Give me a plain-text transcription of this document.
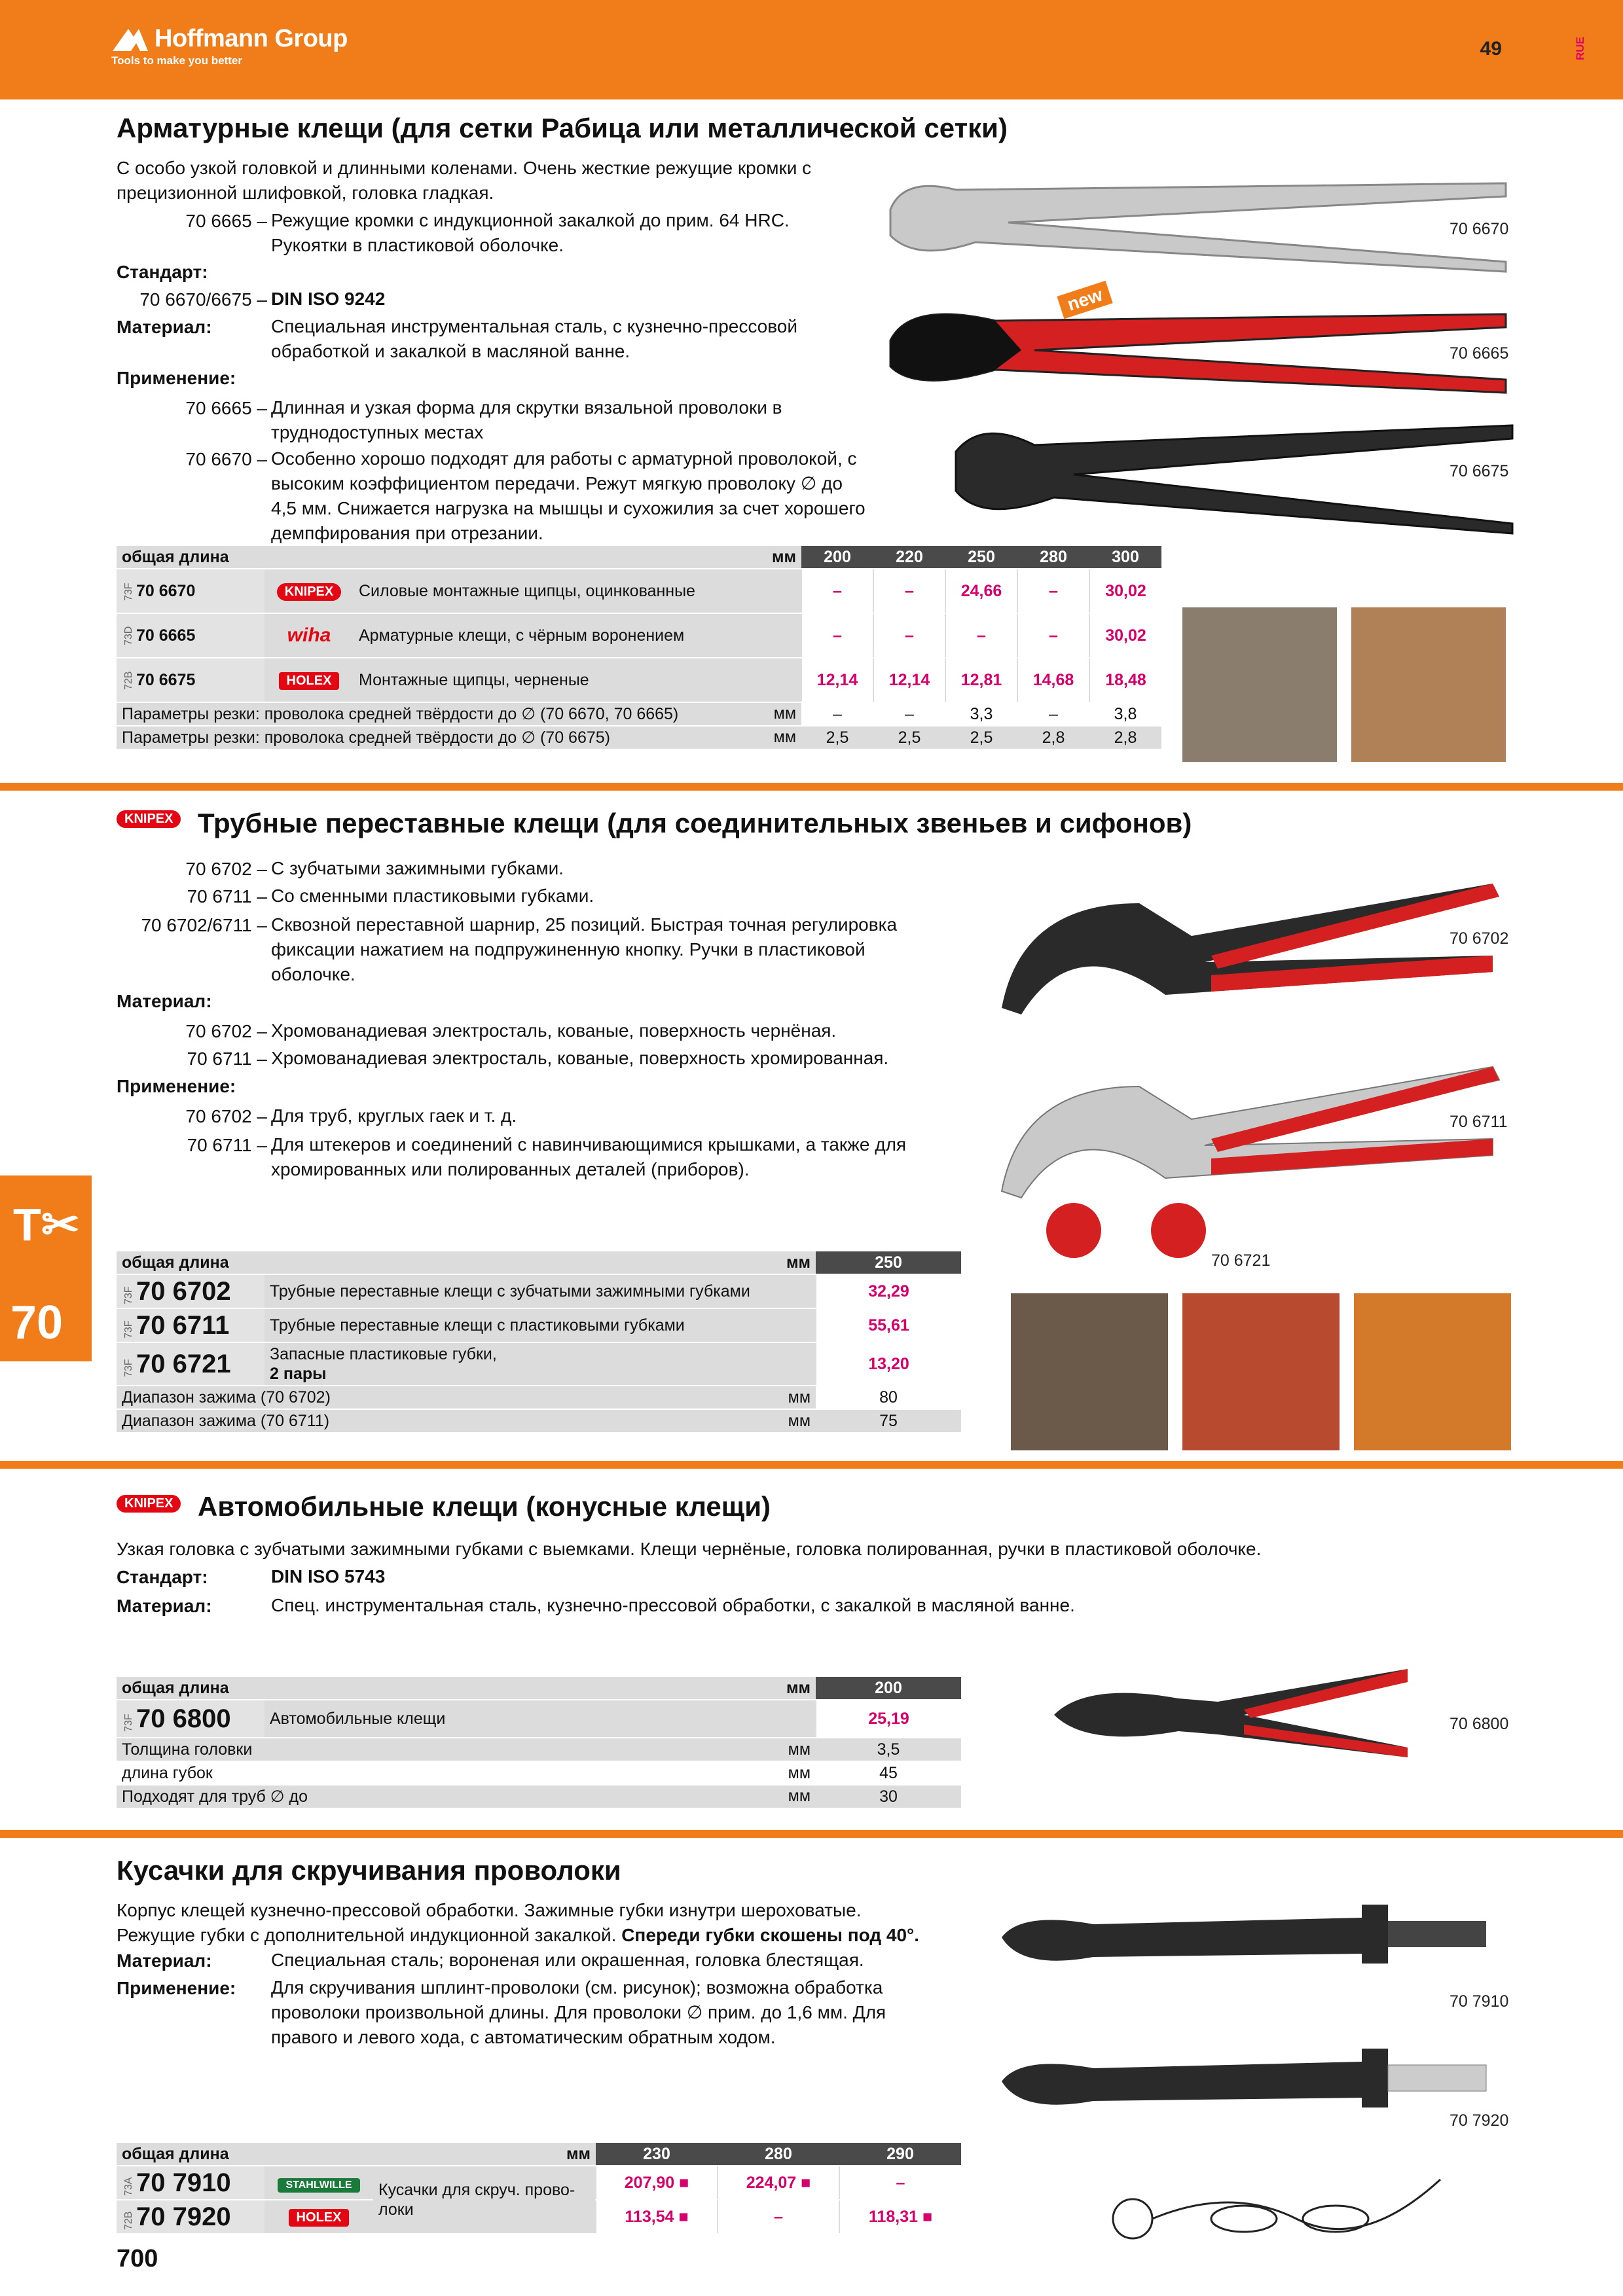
Hoffmann Group
Tools to make you better
49	RUE
T✂
70
Арматурные клещи (для сетки Рабица или металлической сетки)
С особо узкой головкой и длинными коленами. Очень жесткие режущие кромки с
прецизионной шлифовкой, головка гладкая.
70 6665 – Режущие кромки с индукционной закалкой до прим. 64 HRC.
Рукоятки в пластиковой оболочке.
Стандарт:
70 6670/6675 – DIN ISO 9242
Материал:	Специальная инструментальная сталь, с кузнечно-прессовой
обработкой и закалкой в масляной ванне.
Применение:
70 6665 – Длинная и узкая форма для скрутки вязальной проволоки в
труднодоступных местах
70 6670 – Особенно хорошо подходят для работы с арматурной проволокой, с
высоким коэффициентом передачи. Режут мягкую проволоку ∅ до
4,5 мм. Снижается нагрузка на мышцы и сухожилия за счет хорошего
демпфирования при отрезании.
70 6670
new
70 6665
70 6675
общая длина мм			200	220	250	280	300
73F 70 6670	KNIPEX	Силовые монтажные щипцы, оцинкованные	–	–	24,66	–	30,02
73D 70 6665	wiha	Арматурные клещи, с чёрным воронением	–	–	–	–	30,02
72B 70 6675	HOLEX	Монтажные щипцы, черненые	12,14	12,14	12,81	14,68	18,48
Параметры резки: проволока средней твёрдости до ∅ (70 6670, 70 6665) мм			–	–	3,3	–	3,8
Параметры резки: проволока средней твёрдости до ∅ (70 6675) мм			2,5	2,5	2,5	2,8	2,8
KNIPEX Трубные переставные клещи (для соединительных звеньев и сифонов)
70 6702 – С зубчатыми зажимными губками.
70 6711 – Со сменными пластиковыми губками.
70 6702/6711 – Сквозной переставной шарнир, 25 позиций. Быстрая точная регулировка
фиксации нажатием на подпружиненную кнопку. Ручки в пластиковой
оболочке.
Материал:
70 6702 – Хромованадиевая электросталь, кованые, поверхность чернёная.
70 6711 – Хромованадиевая электросталь, кованые, поверхность хромированная.
Применение:
70 6702 – Для труб, круглых гаек и т. д.
70 6711 – Для штекеров и соединений с навинчивающимися крышками, а также для
хромированных или полированных деталей (приборов).
70 6702
70 6711
70 6721
общая длина мм		250
73F70 6702	Трубные переставные клещи с зубчатыми зажимными губками	32,29
73F70 6711	Трубные переставные клещи с пластиковыми губками	55,61
73F70 6721	Запасные пластиковые губки,
2 пары	13,20
Диапазон зажима (70 6702) мм		80
Диапазон зажима (70 6711) мм		75
KNIPEX Автомобильные клещи (конусные клещи)
Узкая головка с зубчатыми зажимными губками с выемками. Клещи чернёные, головка полированная, ручки в пластиковой оболочке.
Стандарт:	DIN ISO 5743
Материал:	Спец. инструментальная сталь, кузнечно-прессовой обработки, с закалкой в масляной ванне.
70 6800
общая длина мм		200
73F70 6800	Автомобильные клещи	25,19
Толщина головки мм		3,5
длина губок мм		45
Подходят для труб ∅ до мм		30
Кусачки для скручивания проволоки
Корпус клещей кузнечно-прессовой обработки. Зажимные губки изнутри шероховатые.
Режущие губки с дополнительной индукционной закалкой. Спереди губки скошены под 40°.
Материал:	Специальная сталь; вороненая или окрашенная, головка блестящая.
Применение: Для скручивания шплинт-проволоки (см. рисунок); возможна обработка
проволоки произвольной длины. Для проволоки ∅ прим. до 1,6 мм. Для
правого и левого хода, с автоматическим обратным ходом.
70 7910
70 7920
общая длина мм			230	280	290
73A70 7910	STAHLWILLE	Кусачки для скруч. прово-
локи	207,90 ■	224,07 ■	–
72B70 7920	HOLEX		113,54 ■	–	118,31 ■
700
